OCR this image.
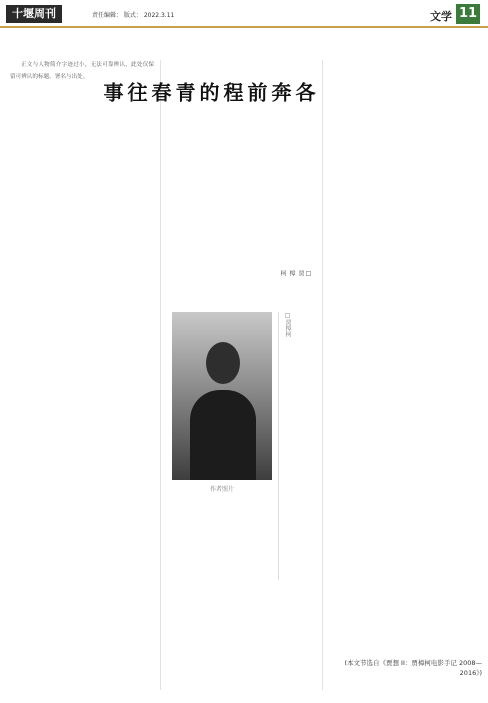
十堰周刊	责任编辑： 版式： 2022.3.11	文学 11

正文与人物简介字迹过小，无法可靠辨认，此处仅保留可辨认的标题、署名与出处。

各奔前程的青春往事
□贾樟柯
作者照片
□贾樟柯
(本文节选自《贾想 II：贾樟柯电影手记 2008—2016》)
